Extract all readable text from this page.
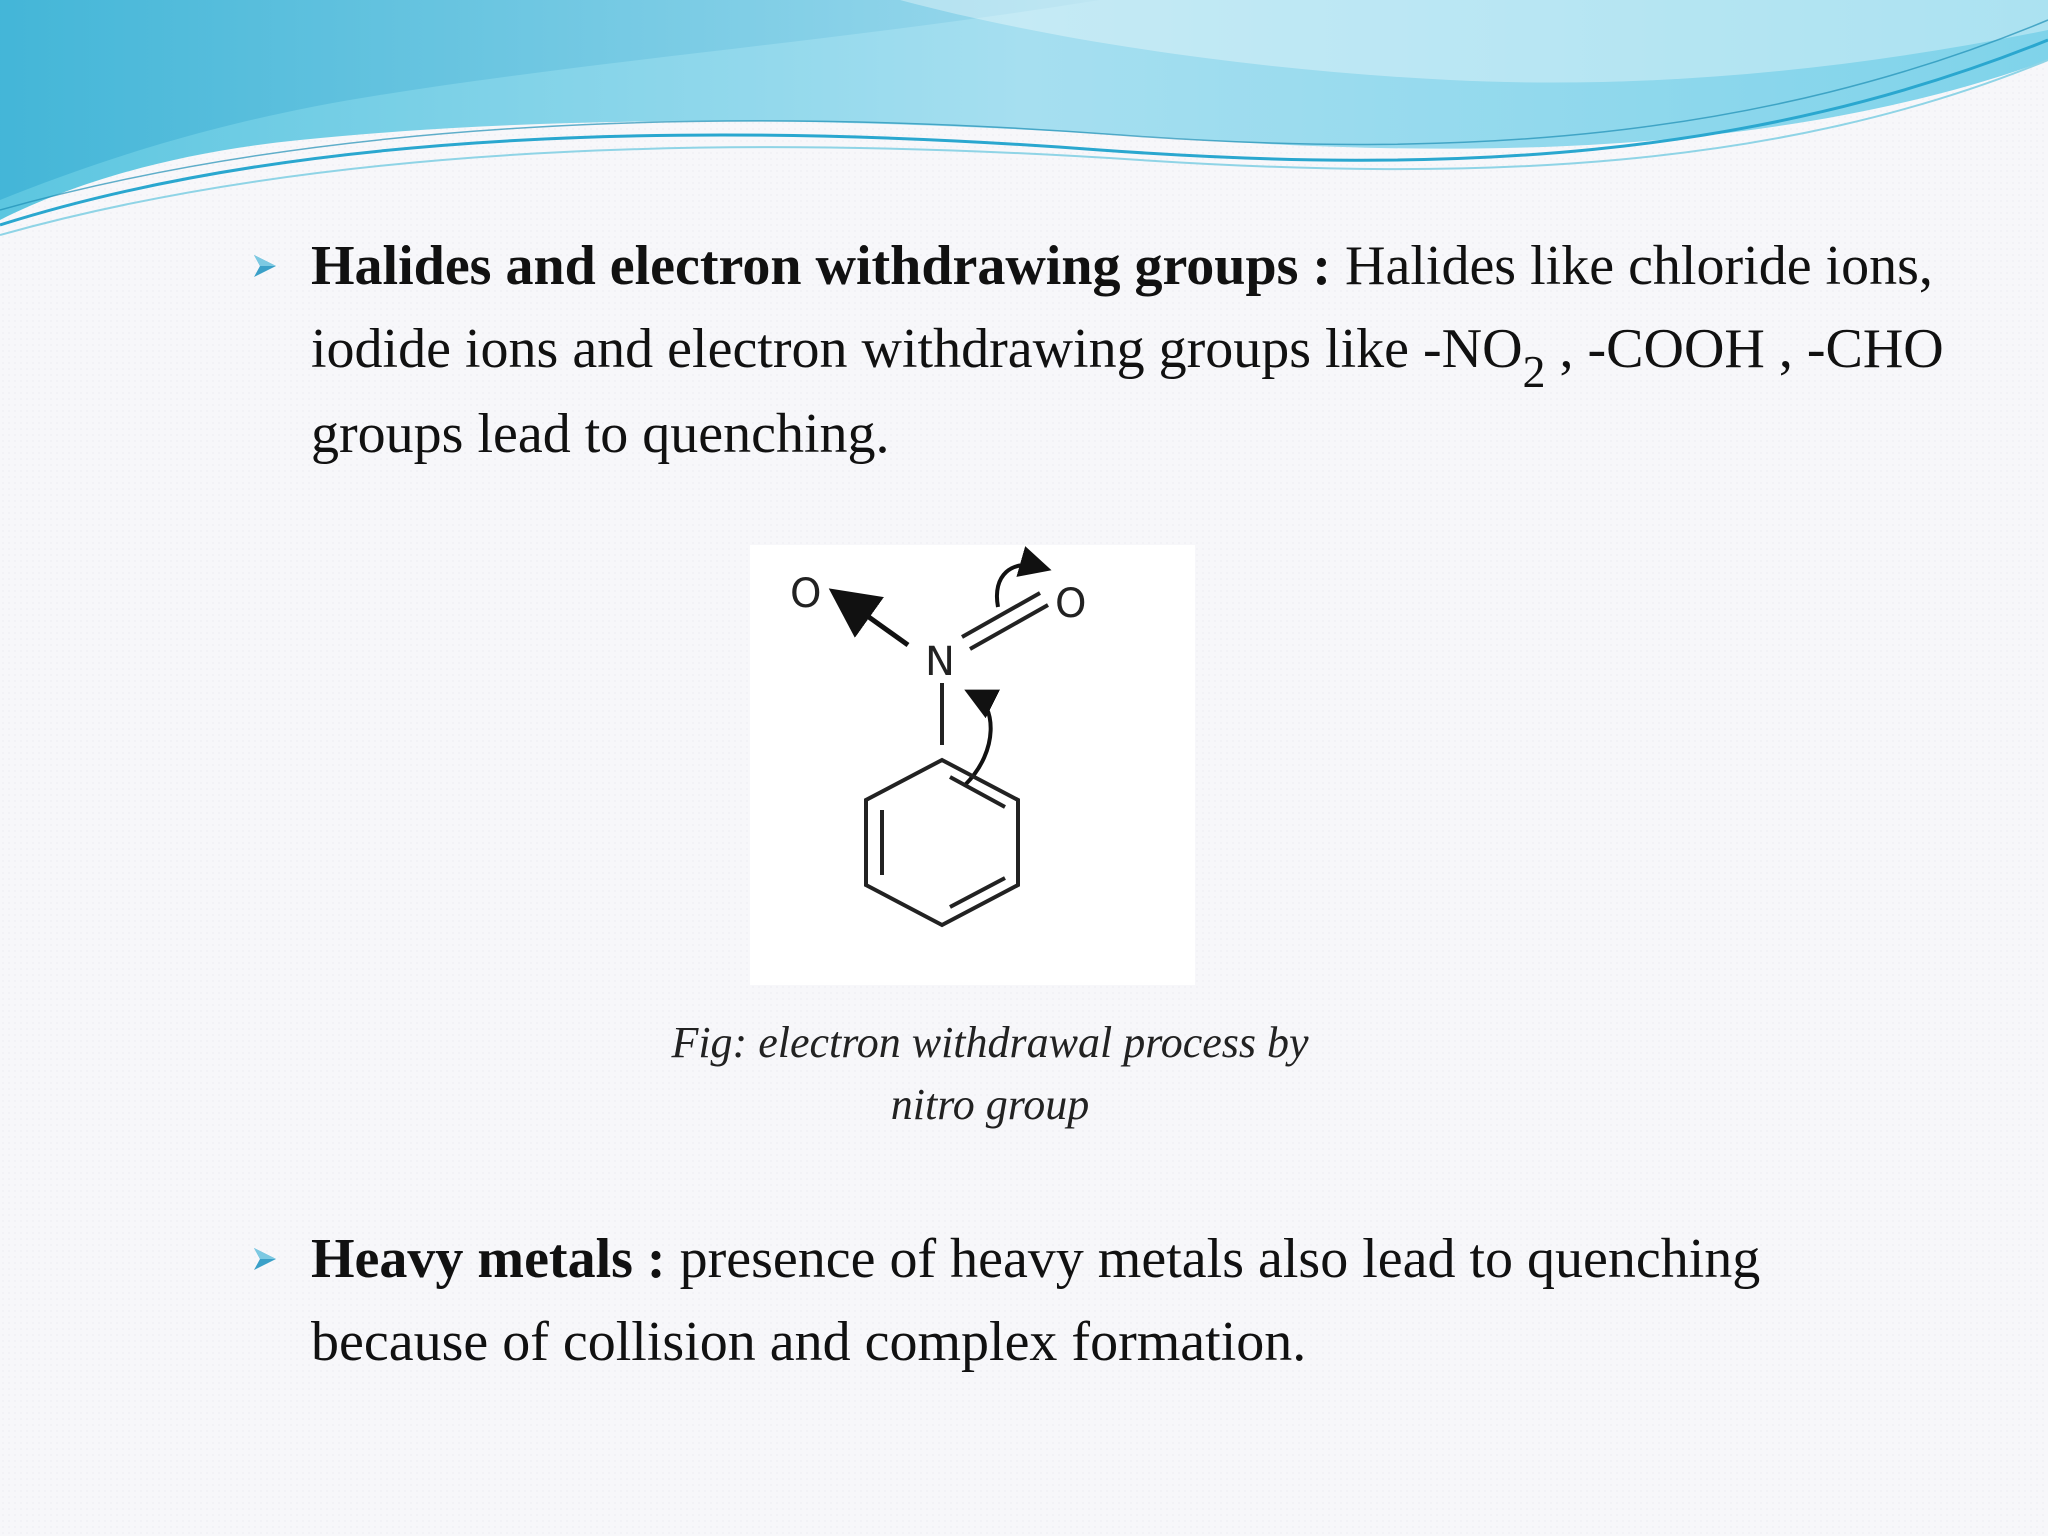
Halides and electron withdrawing groups : Halides like chloride ions, iodide ions and electron withdrawing groups like $-NO_2$ , -COOH , -CHO groups lead to quenching.
O	O
N
Fig: electron withdrawal process by
nitro group
Heavy metals : presence of heavy metals also lead to quenching because of collision and complex formation.
